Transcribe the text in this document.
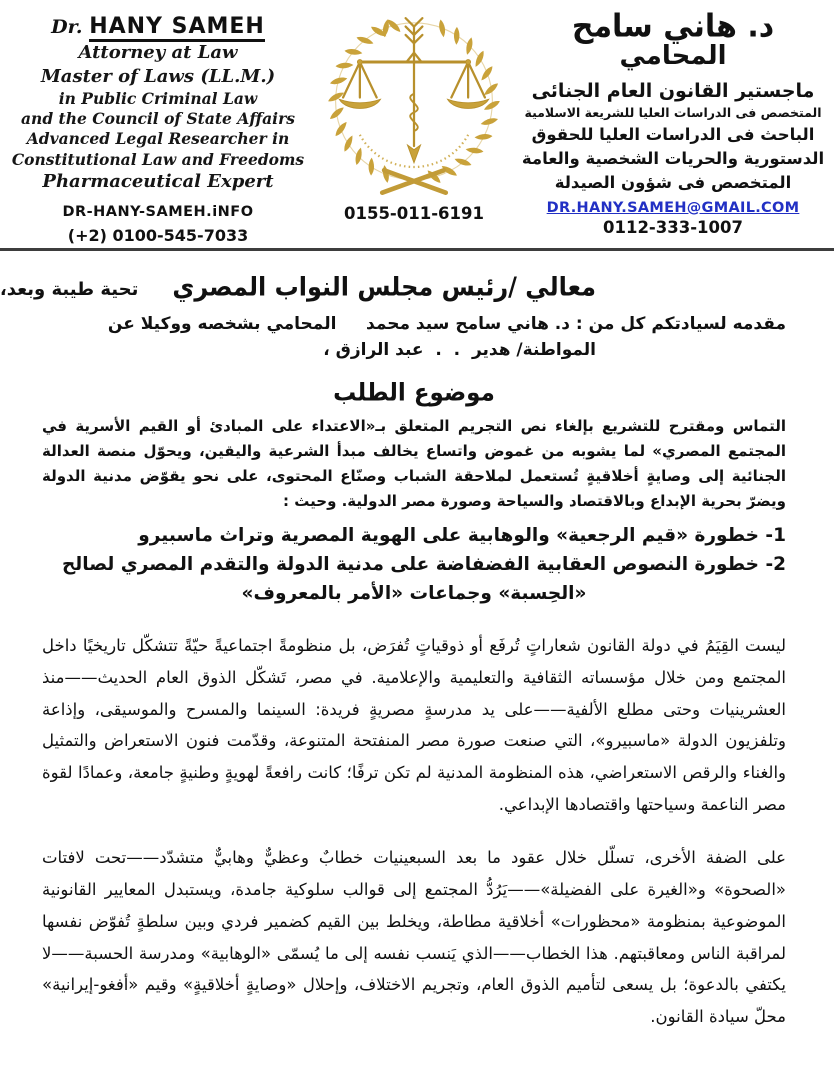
Dr. HANY SAMEH
Attorney at Law
Master of Laws (LL.M.)
in Public Criminal Law
and the Council of State Affairs
Advanced Legal Researcher in
Constitutional Law and Freedoms
Pharmaceutical Expert
DR-HANY-SAMEH.iNFO
(+2) 0100-545-7033
0155-011-6191
د. هاني سامح
المحامي
ماجستير القانون العام الجنائى
المتخصص فى الدراسات العليا للشريعة الاسلامية
الباحث فى الدراسات العليا للحقوق
الدستورية والحريات الشخصية والعامة
المتخصص فى شؤون الصيدلة
DR.HANY.SAMEH@GMAIL.COM
0112-333-1007
معالي /رئيس مجلس النواب المصري
تحية طيبة وبعد،

مقدمه لسيادتكم كل من : د. هاني سامح سيد محمد     المحامي بشخصه ووكيلا عن

المواطنة/ هدير  .  .  عبد الرازق ،

موضوع الطلب

التماس ومقترح للتشريع بإلغاء نص التجريم المتعلق بـ«الاعتداء على المبادئ أو القيم الأسرية في المجتمع المصري» لما يشوبه من غموض واتساع يخالف مبدأ الشرعية واليقين، ويحوّل منصة العدالة الجنائية إلى وصايةٍ أخلاقيةٍ تُستعمل لملاحقة الشباب وصنّاع المحتوى، على نحو يقوّض مدنية الدولة ويضرّ بحرية الإبداع وبالاقتصاد والسياحة وصورة مصر الدولية. وحيث :

1- خطورة «قيم الرجعية» والوهابية على الهوية المصرية وتراث ماسبيرو

2- خطورة النصوص العقابية الفضفاضة على مدنية الدولة والتقدم المصري لصالح

«الحِسبة» وجماعات «الأمر بالمعروف»

ليست القِيَمُ في دولة القانون شعاراتٍ تُرفَع أو ذوقياتٍ تُفرَض، بل منظومةً اجتماعيةً حيّةً تتشكّل تاريخيًا داخل المجتمع ومن خلال مؤسساته الثقافية والتعليمية والإعلامية. في مصر، تَشكّل الذوق العام الحديث——منذ العشرينيات وحتى مطلع الألفية——على يد مدرسةٍ مصريةٍ فريدة: السينما والمسرح والموسيقى، وإذاعة وتلفزيون الدولة «ماسبيرو»، التي صنعت صورة مصر المنفتحة المتنوعة، وقدّمت فنون الاستعراض والتمثيل والغناء والرقص الاستعراضي، هذه المنظومة المدنية لم تكن ترفًا؛ كانت رافعةً لهويةٍ وطنيةٍ جامعة، وعمادًا لقوة مصر الناعمة وسياحتها واقتصادها الإبداعي.

على الضفة الأخرى، تسلّل خلال عقود ما بعد السبعينيات خطابٌ وعظيٌّ وهابيٌّ متشدّد——تحت لافتات «الصحوة» و«الغيرة على الفضيلة»——يَرُدُّ المجتمع إلى قوالب سلوكية جامدة، ويستبدل المعايير القانونية الموضوعية بمنظومة «محظورات» أخلاقية مطاطة، ويخلط بين القيم كضمير فردي وبين سلطةٍ تُفوّض نفسها لمراقبة الناس ومعاقبتهم. هذا الخطاب——الذي يَنسب نفسه إلى ما يُسمّى «الوهابية» ومدرسة الحسبة——لا يكتفي بالدعوة؛ بل يسعى لتأميم الذوق العام، وتجريم الاختلاف، وإحلال «وصايةٍ أخلاقيةٍ» وقيم «أفغو-إيرانية» محلّ سيادة القانون.
